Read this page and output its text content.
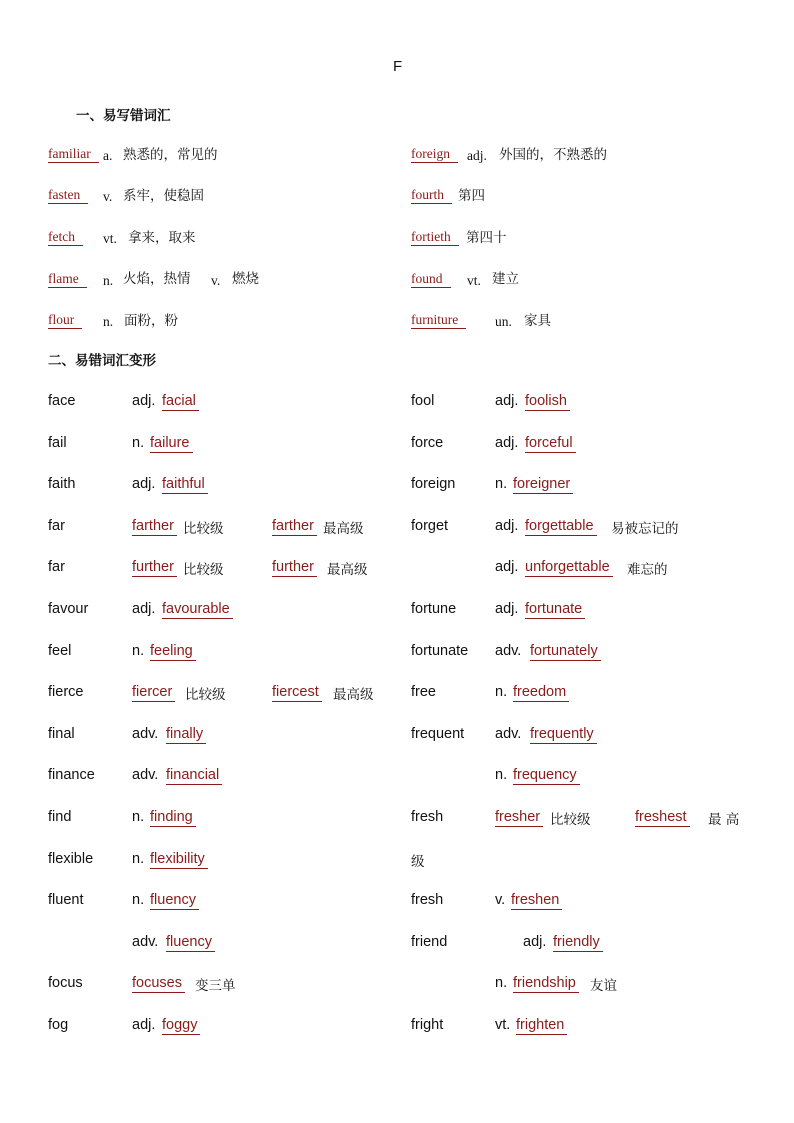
F
一、易写错词汇
familiar a. 熟悉的，常见的
fasten	v. 系牢，使稳固
fetch	vt. 拿来，取来
flame	n. 火焰，热情 v. 燃烧
flour	n. 面粉，粉
foreign	adj. 外国的，不熟悉的
fourth	第四
fortieth	第四十
found	vt. 建立
furniture	un. 家具
二、易错词汇变形
face	adj. facial
fail	n. failure
faith	adj. faithful
far	farther 比较级	farther 最高级
far	further 比较级	further 最高级
favour	adj. favourable
feel	n. feeling
fierce	fiercer 比较级	fiercest 最高级
final	adv. finally
finance	adv. financial
find	n. finding
flexible	n. flexibility
fluent	n. fluency
adv. fluency
focus	focuses 变三单
fog	adj. foggy
fool	adj. foolish
force	adj. forceful
foreign	n. foreigner
forget	adj. forgettable 易被忘记的
adj. unforgettable 难忘的
fortune	adj. fortunate
fortunate adv. fortunately
free	n. freedom
frequent adv. frequently
n. frequency
fresh	fresher 比较级	freshest 最 高
级
fresh	v. freshen
friend	adj. friendly
n. friendship 友谊
fright	vt. frighten
